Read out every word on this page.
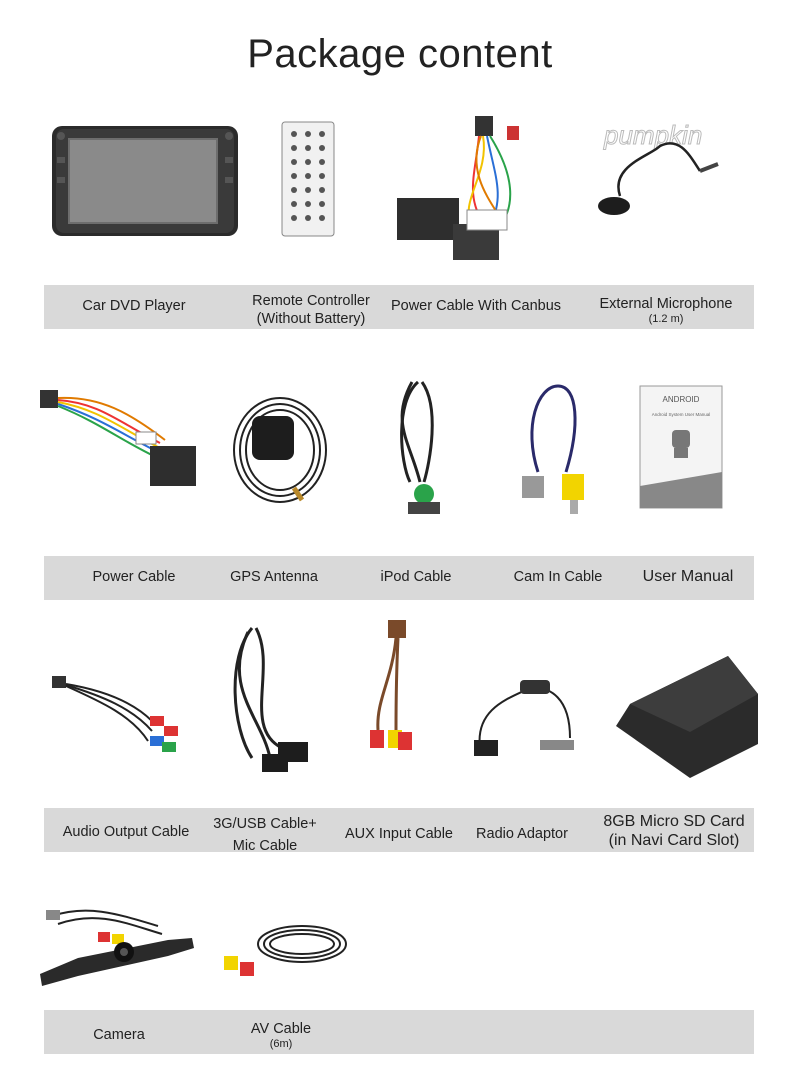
Package content
pumpkin
Car DVD Player	Remote Controller
(Without Battery)
Power Cable With Canbus	External Microphone
(1.2 m)
ANDROID
Android System User Manual
Power Cable	GPS Antenna	iPod Cable	Cam In Cable	User Manual
Audio Output Cable	3G/USB Cable+
Mic Cable
AUX Input Cable	Radio Adaptor
8GB Micro SD Card
(in Navi Card Slot)
Camera	AV Cable
(6m)
